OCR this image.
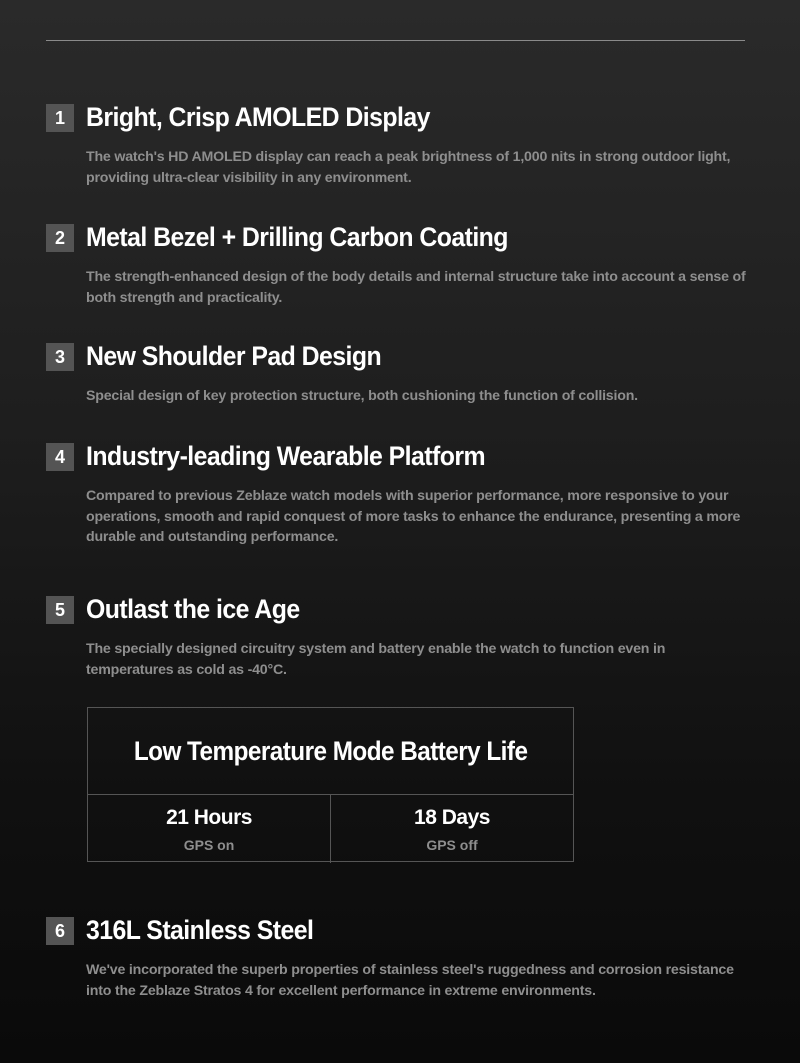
1 Bright, Crisp AMOLED Display
The watch's HD AMOLED display can reach a peak brightness of 1,000 nits in strong outdoor light, providing ultra-clear visibility in any environment.
2 Metal Bezel + Drilling Carbon Coating
The strength-enhanced design of the body details and internal structure take into account a sense of both strength and practicality.
3 New Shoulder Pad Design
Special design of key protection structure, both cushioning the function of collision.
4 Industry-leading Wearable Platform
Compared to previous Zeblaze watch models with superior performance, more responsive to your operations, smooth and rapid conquest of more tasks to enhance the endurance, presenting a more durable and outstanding performance.
5 Outlast the ice Age
The specially designed circuitry system and battery enable the watch to function even in temperatures as cold as -40°C.
Low Temperature Mode Battery Life
21 Hours
GPS on
18 Days
GPS off
6 316L Stainless Steel
We've incorporated the superb properties of stainless steel's ruggedness and corrosion resistance into the Zeblaze Stratos 4 for excellent performance in extreme environments.
